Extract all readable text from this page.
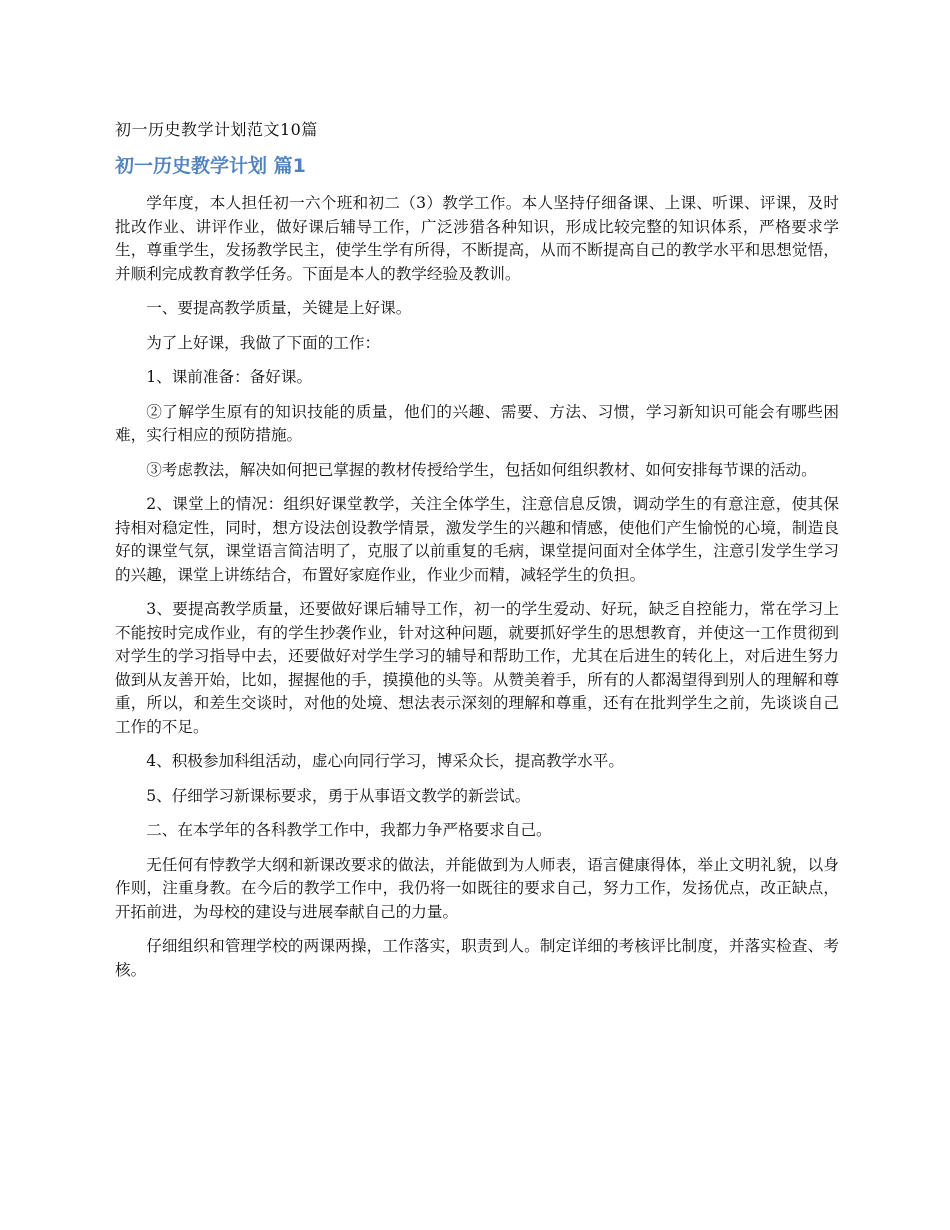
初一历史教学计划范文10篇
初一历史教学计划 篇1

学年度，本人担任初一六个班和初二（3）教学工作。本人坚持仔细备课、上课、听课、评课，及时批改作业、讲评作业，做好课后辅导工作，广泛涉猎各种知识，形成比较完整的知识体系，严格要求学生，尊重学生，发扬教学民主，使学生学有所得，不断提高，从而不断提高自己的教学水平和思想觉悟，并顺利完成教育教学任务。下面是本人的教学经验及教训。

一、要提高教学质量，关键是上好课。

为了上好课，我做了下面的工作：

1、课前准备：备好课。

②了解学生原有的知识技能的质量，他们的兴趣、需要、方法、习惯，学习新知识可能会有哪些困难，实行相应的预防措施。

③考虑教法，解决如何把已掌握的教材传授给学生，包括如何组织教材、如何安排每节课的活动。

2、课堂上的情况：组织好课堂教学，关注全体学生，注意信息反馈，调动学生的有意注意，使其保持相对稳定性，同时，想方设法创设教学情景，激发学生的兴趣和情感，使他们产生愉悦的心境，制造良好的课堂气氛，课堂语言简洁明了，克服了以前重复的毛病，课堂提问面对全体学生，注意引发学生学习的兴趣，课堂上讲练结合，布置好家庭作业，作业少而精，减轻学生的负担。

3、要提高教学质量，还要做好课后辅导工作，初一的学生爱动、好玩，缺乏自控能力，常在学习上不能按时完成作业，有的学生抄袭作业，针对这种问题，就要抓好学生的思想教育，并使这一工作贯彻到对学生的学习指导中去，还要做好对学生学习的辅导和帮助工作，尤其在后进生的转化上，对后进生努力做到从友善开始，比如，握握他的手，摸摸他的头等。从赞美着手，所有的人都渴望得到别人的理解和尊重，所以，和差生交谈时，对他的处境、想法表示深刻的理解和尊重，还有在批判学生之前，先谈谈自己工作的不足。

4、积极参加科组活动，虚心向同行学习，博采众长，提高教学水平。

5、仔细学习新课标要求，勇于从事语文教学的新尝试。

二、在本学年的各科教学工作中，我都力争严格要求自己。

无任何有悖教学大纲和新课改要求的做法，并能做到为人师表，语言健康得体，举止文明礼貌，以身作则，注重身教。在今后的教学工作中，我仍将一如既往的要求自己，努力工作，发扬优点，改正缺点，开拓前进，为母校的建设与进展奉献自己的力量。

仔细组织和管理学校的两课两操，工作落实，职责到人。制定详细的考核评比制度，并落实检查、考核。
